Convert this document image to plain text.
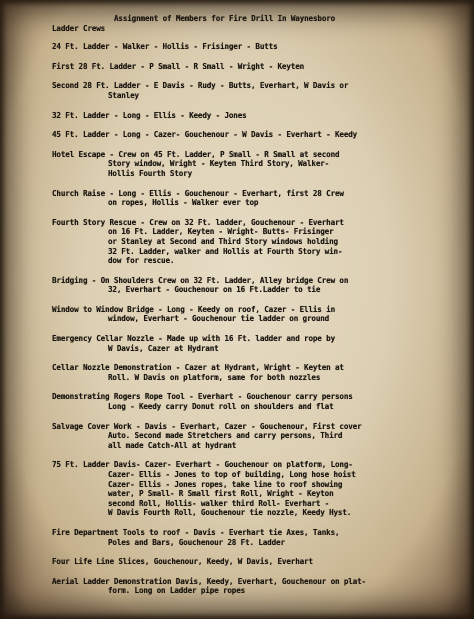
Assignment of Members for Fire Drill In Waynesboro
Ladder Crews
24 Ft. Ladder - Walker - Hollis - Frisinger - Butts
First 28 Ft. Ladder - P Small - R Small - Wright - Keyten
Second 28 Ft. Ladder - E Davis - Rudy - Butts, Everhart, W Davis or
Stanley
32 Ft. Ladder - Long - Ellis - Keedy - Jones
45 Ft. Ladder - Long - Cazer- Gouchenour - W Davis - Everhart - Keedy
Hotel Escape - Crew on 45 Ft. Ladder, P Small - R Small at second
Story window, Wright - Keyten Third Story, Walker-
Hollis Fourth Story
Church Raise - Long - Ellis - Gouchenour - Everhart, first 28 Crew
on ropes, Hollis - Walker ever top
Fourth Story Rescue - Crew on 32 Ft. ladder, Gouchenour - Everhart
on 16 Ft. Ladder, Keyten - Wright- Butts- Frisinger
or Stanley at Second and Third Story windows holding
32 Ft. Ladder, walker and Hollis at Fourth Story win-
dow for rescue.
Bridging - On Shoulders Crew on 32 Ft. Ladder, Alley bridge Crew on
32, Everhart - Gouchenour on 16 Ft.Ladder to tie
Window to Window Bridge - Long - Keedy on roof, Cazer - Ellis in
window, Everhart - Gouchenour tie ladder on ground
Emergency Cellar Nozzle - Made up with 16 Ft. ladder and rope by
W Davis, Cazer at Hydrant
Cellar Nozzle Demonstration - Cazer at Hydrant, Wright - Keyten at
Roll. W Davis on platform, same for both nozzles
Demonstrating Rogers Rope Tool - Everhart - Gouchenour carry persons
Long - Keedy carry Donut roll on shoulders and flat
Salvage Cover Work - Davis - Everhart, Cazer - Gouchenour, First cover
Auto. Second made Stretchers and carry persons, Third
all made Catch-All at hydrant
75 Ft. Ladder Davis- Cazer- Everhart - Gouchenour on platform, Long-
Cazer- Ellis - Jones to top of building, Long hose hoist
Cazer- Ellis - Jones ropes, take line to roof showing
water, P Small- R Small first Roll, Wright - Keyton
second Roll, Hollis- walker third Roll- Everhart -
W Davis Fourth Roll, Gouchenour tie nozzle, Keedy Hyst.
Fire Department Tools to roof - Davis - Everhart tie Axes, Tanks,
Poles and Bars, Gouchenour 28 Ft. Ladder
Four Life Line Slices, Gouchenour, Keedy, W Davis, Everhart
Aerial Ladder Demonstration Davis, Keedy, Everhart, Gouchenour on plat-
form. Long on Ladder pipe ropes
